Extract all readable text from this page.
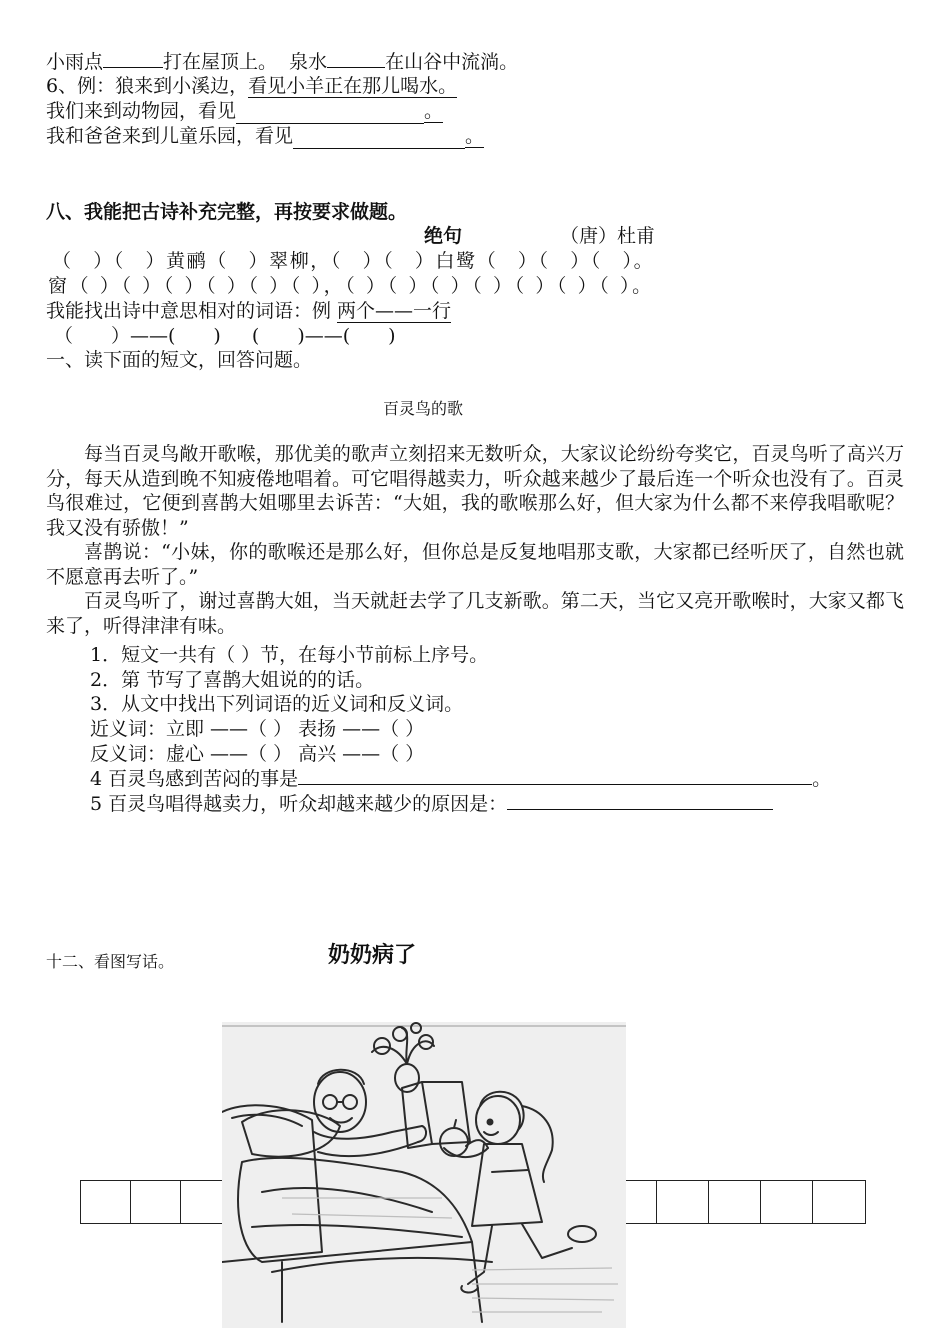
小雨点	打在屋顶上。 泉水	在山谷中流淌。
6、例：狼来到小溪边，看见小羊正在那儿喝水。
我们来到动物园，看见	。
我和爸爸来到儿童乐园，看见	。
八、我能把古诗补充完整，再按要求做题。
绝句	（唐）杜甫
（　）（　）黄鹂（　）翠柳，（　）（　）白鹭（　）（　）（　）。
窗（ ）（ ）（ ）（ ）（ ）（ ），（ ）（ ）（ ）（ ）（ ）（ ）（ ）。
我能找出诗中意思相对的词语：例 两个——一行
（　　）——(　　)　  (　　)——(　　)
一、读下面的短文，回答问题。
百灵鸟的歌

每当百灵鸟敞开歌喉，那优美的歌声立刻招来无数听众，大家议论纷纷夸奖它，百灵鸟听了高兴万分，每天从造到晚不知疲倦地唱着。可它唱得越卖力，听众越来越少了最后连一个听众也没有了。百灵鸟很难过，它便到喜鹊大姐哪里去诉苦：“大姐，我的歌喉那么好，但大家为什么都不来停我唱歌呢？我又没有骄傲！”

喜鹊说：“小妹，你的歌喉还是那么好，但你总是反复地唱那支歌，大家都已经听厌了，自然也就不愿意再去听了。”

百灵鸟听了，谢过喜鹊大姐，当天就赶去学了几支新歌。第二天，当它又亮开歌喉时，大家又都飞来了，听得津津有味。

1．短文一共有（ ）节，在每小节前标上序号。
2．第 节写了喜鹊大姐说的的话。
3．从文中找出下列词语的近义词和反义词。
近义词：立即 ——（ ） 表扬 ——（ ）
反义词：虚心 ——（ ） 高兴 ——（ ）
4 百灵鸟感到苦闷的事是	。
5 百灵鸟唱得越卖力，听众却越来越少的原因是：
十二、看图写话。	奶奶病了
